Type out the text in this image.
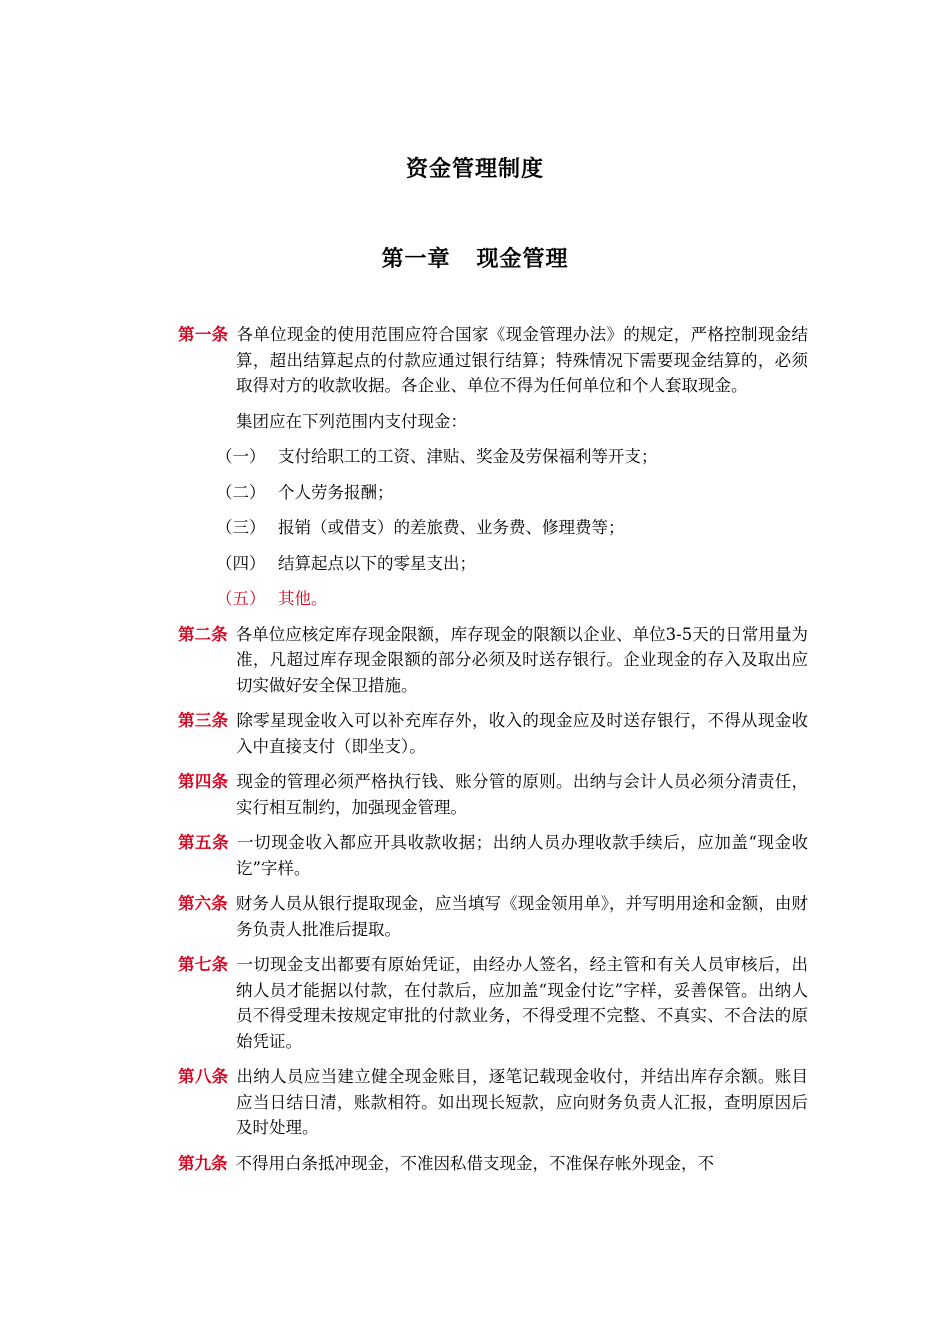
资金管理制度
第一章   现金管理

第一条 各单位现金的使用范围应符合国家《现金管理办法》的规定，严格控制现金结算，超出结算起点的付款应通过银行结算；特殊情况下需要现金结算的，必须取得对方的收款收据。各企业、单位不得为任何单位和个人套取现金。

集团应在下列范围内支付现金：

（一） 支付给职工的工资、津贴、奖金及劳保福利等开支；
（二） 个人劳务报酬；
（三） 报销（或借支）的差旅费、业务费、修理费等；
（四） 结算起点以下的零星支出；
（五） 其他。

第二条 各单位应核定库存现金限额，库存现金的限额以企业、单位3-5天的日常用量为准，凡超过库存现金限额的部分必须及时送存银行。企业现金的存入及取出应切实做好安全保卫措施。

第三条 除零星现金收入可以补充库存外，收入的现金应及时送存银行，不得从现金收入中直接支付（即坐支）。

第四条 现金的管理必须严格执行钱、账分管的原则。出纳与会计人员必须分清责任，实行相互制约，加强现金管理。

第五条 一切现金收入都应开具收款收据；出纳人员办理收款手续后，应加盖“现金收讫”字样。

第六条 财务人员从银行提取现金，应当填写《现金领用单》，并写明用途和金额，由财务负责人批准后提取。

第七条 一切现金支出都要有原始凭证，由经办人签名，经主管和有关人员审核后，出纳人员才能据以付款，在付款后，应加盖“现金付讫”字样，妥善保管。出纳人员不得受理未按规定审批的付款业务，不得受理不完整、不真实、不合法的原始凭证。

第八条 出纳人员应当建立健全现金账目，逐笔记载现金收付，并结出库存余额。账目应当日结日清，账款相符。如出现长短款，应向财务负责人汇报，查明原因后及时处理。

第九条 不得用白条抵冲现金，不准因私借支现金，不准保存帐外现金，不
